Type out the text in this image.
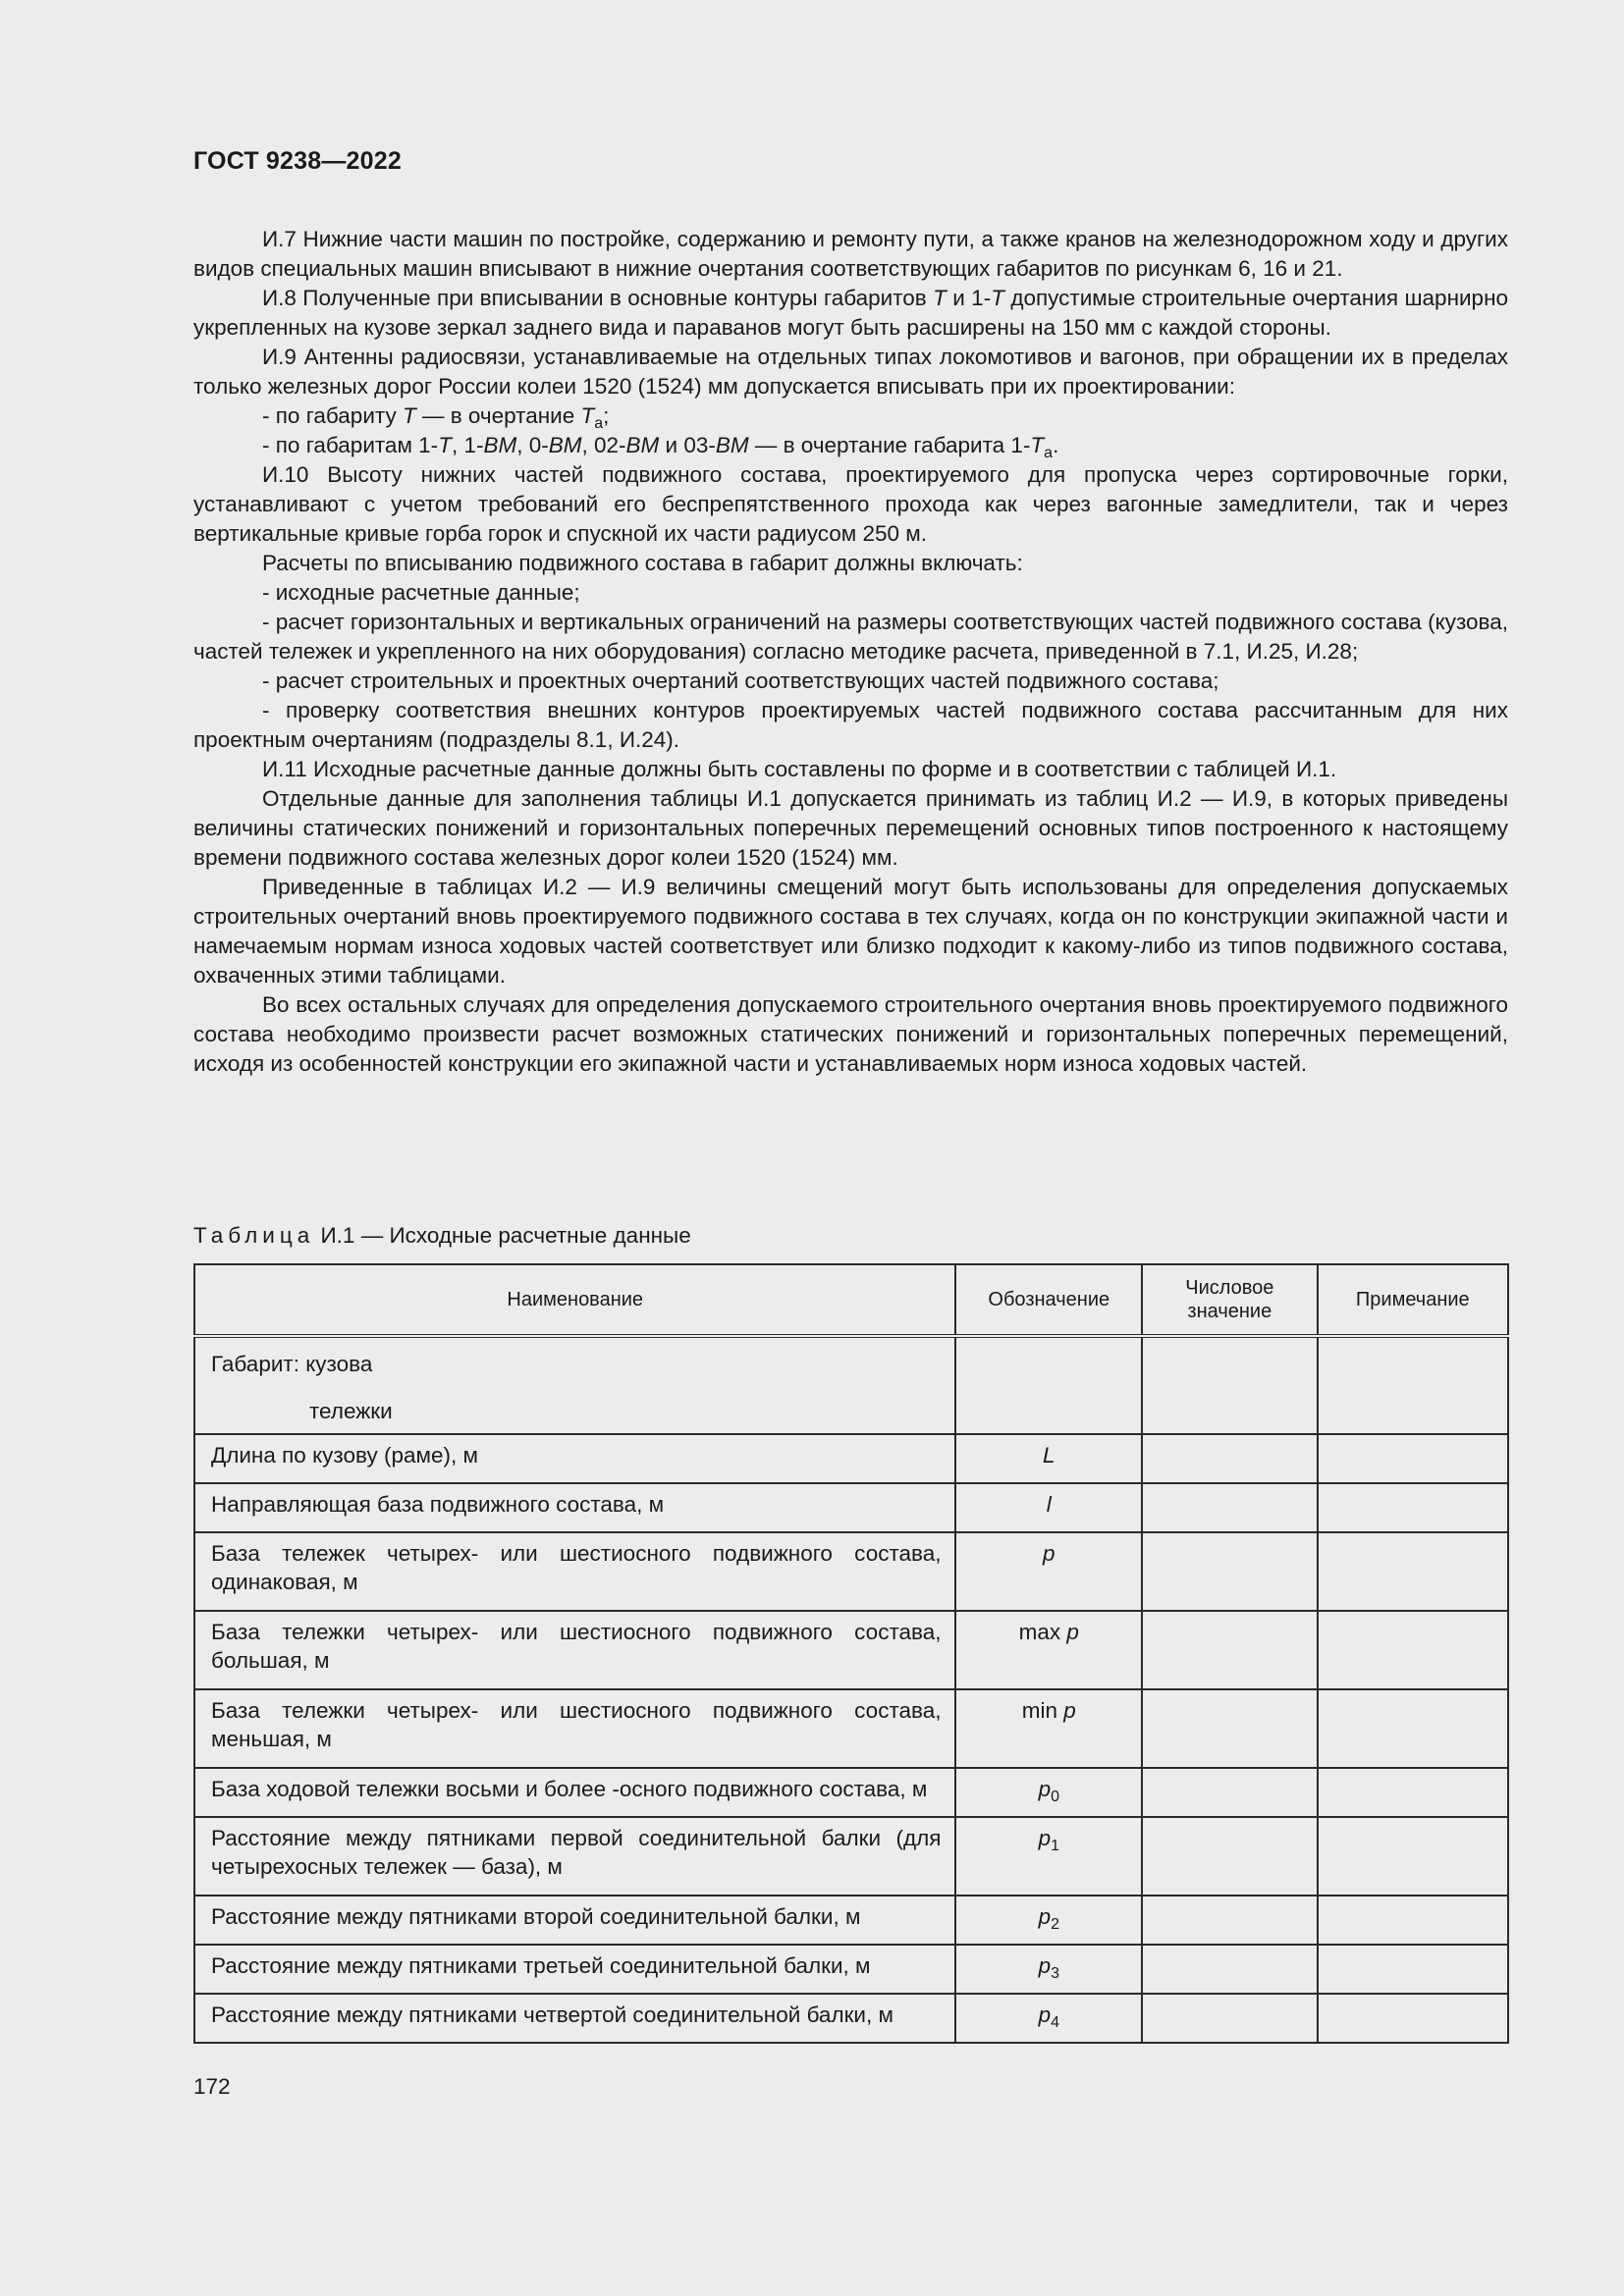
ГОСТ 9238—2022

И.7 Нижние части машин по постройке, содержанию и ремонту пути, а также кранов на железнодорожном ходу и других видов специальных машин вписывают в нижние очертания соответствующих габаритов по рисункам 6, 16 и 21.

И.8 Полученные при вписывании в основные контуры габаритов Т и 1-Т допустимые строительные очертания шарнирно укрепленных на кузове зеркал заднего вида и параванов могут быть расширены на 150 мм с каждой стороны.

И.9 Антенны радиосвязи, устанавливаемые на отдельных типах локомотивов и вагонов, при обращении их в пределах только железных дорог России колеи 1520 (1524) мм допускается вписывать при их проектировании:

- по габариту Т — в очертание $Т_а$;

- по габаритам 1-Т, 1-ВМ, 0-ВМ, 02-ВМ и 03-ВМ — в очертание габарита $1-Т_а$.

И.10 Высоту нижних частей подвижного состава, проектируемого для пропуска через сортировочные горки, устанавливают с учетом требований его беспрепятственного прохода как через вагонные замедлители, так и через вертикальные кривые горба горок и спускной их части радиусом 250 м.

Расчеты по вписыванию подвижного состава в габарит должны включать:

- исходные расчетные данные;

- расчет горизонтальных и вертикальных ограничений на размеры соответствующих частей подвижного состава (кузова, частей тележек и укрепленного на них оборудования) согласно методике расчета, приведенной в 7.1, И.25, И.28;

- расчет строительных и проектных очертаний соответствующих частей подвижного состава;

- проверку соответствия внешних контуров проектируемых частей подвижного состава рассчитанным для них проектным очертаниям (подразделы 8.1, И.24).

И.11 Исходные расчетные данные должны быть составлены по форме и в соответствии с таблицей И.1.

Отдельные данные для заполнения таблицы И.1 допускается принимать из таблиц И.2 — И.9, в которых приведены величины статических понижений и горизонтальных поперечных перемещений основных типов построенного к настоящему времени подвижного состава железных дорог колеи 1520 (1524) мм.

Приведенные в таблицах И.2 — И.9 величины смещений могут быть использованы для определения допускаемых строительных очертаний вновь проектируемого подвижного состава в тех случаях, когда он по конструкции экипажной части и намечаемым нормам износа ходовых частей соответствует или близко подходит к какому-либо из типов подвижного состава, охваченных этими таблицами.

Во всех остальных случаях для определения допускаемого строительного очертания вновь проектируемого подвижного состава необходимо произвести расчет возможных статических понижений и горизонтальных поперечных перемещений, исходя из особенностей конструкции его экипажной части и устанавливаемых норм износа ходовых частей.

Таблица И.1 — Исходные расчетные данные
Наименование	Обозначение	Числовое значение	Примечание

Габарит: кузова
тележки			

Длина по кузову (раме), м	L		
Направляющая база подвижного состава, м	l		
База тележек четырех- или шестиосного подвижного состава, одинаковая, м	p		
База тележки четырех- или шестиосного подвижного состава, большая, м	max p		
База тележки четырех- или шестиосного подвижного состава, меньшая, м	min p		
База ходовой тележки восьми и более -осного подвижного состава, м	$p_0$		
Расстояние между пятниками первой соединительной балки (для четырехосных тележек — база), м	$p_1$		
Расстояние между пятниками второй соединительной балки, м	$p_2$		
Расстояние между пятниками третьей соединительной балки, м	$p_3$		
Расстояние между пятниками четвертой соединительной балки, м	$p_4$		
172
